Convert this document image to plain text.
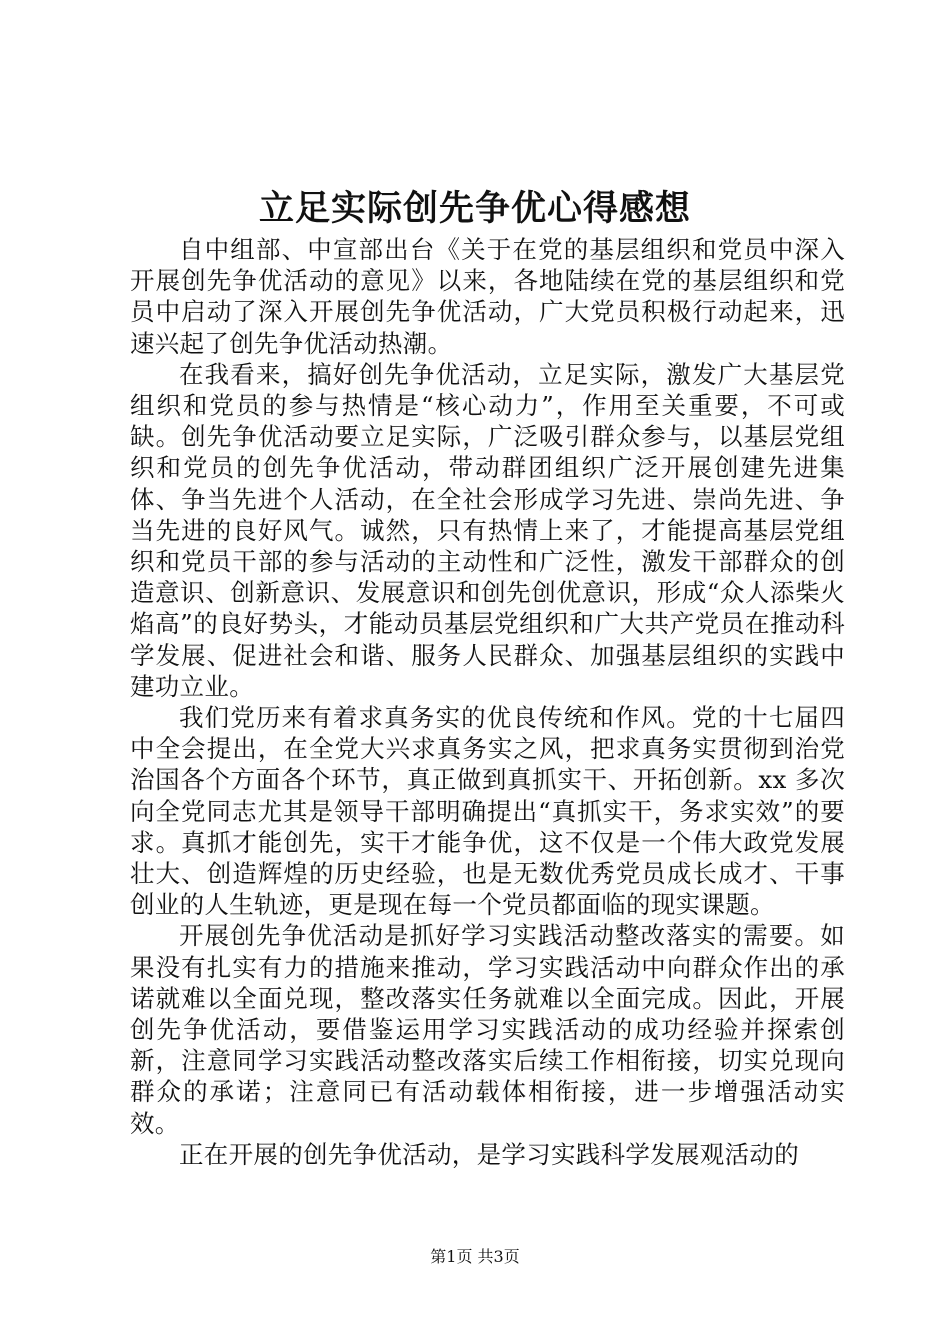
立足实际创先争优心得感想

自中组部、中宣部出台《关于在党的基层组织和党员中深入开展创先争优活动的意见》以来，各地陆续在党的基层组织和党员中启动了深入开展创先争优活动，广大党员积极行动起来，迅速兴起了创先争优活动热潮。

在我看来，搞好创先争优活动，立足实际，激发广大基层党组织和党员的参与热情是“核心动力”，作用至关重要，不可或缺。创先争优活动要立足实际，广泛吸引群众参与，以基层党组织和党员的创先争优活动，带动群团组织广泛开展创建先进集体、争当先进个人活动，在全社会形成学习先进、崇尚先进、争当先进的良好风气。诚然，只有热情上来了，才能提高基层党组织和党员干部的参与活动的主动性和广泛性，激发干部群众的创造意识、创新意识、发展意识和创先创优意识，形成“众人添柴火焰高”的良好势头，才能动员基层党组织和广大共产党员在推动科学发展、促进社会和谐、服务人民群众、加强基层组织的实践中建功立业。

我们党历来有着求真务实的优良传统和作风。党的十七届四中全会提出，在全党大兴求真务实之风，把求真务实贯彻到治党治国各个方面各个环节，真正做到真抓实干、开拓创新。xx 多次向全党同志尤其是领导干部明确提出“真抓实干，务求实效”的要求。真抓才能创先，实干才能争优，这不仅是一个伟大政党发展壮大、创造辉煌的历史经验，也是无数优秀党员成长成才、干事创业的人生轨迹，更是现在每一个党员都面临的现实课题。

开展创先争优活动是抓好学习实践活动整改落实的需要。如果没有扎实有力的措施来推动，学习实践活动中向群众作出的承诺就难以全面兑现，整改落实任务就难以全面完成。因此，开展创先争优活动，要借鉴运用学习实践活动的成功经验并探索创新，注意同学习实践活动整改落实后续工作相衔接，切实兑现向群众的承诺；注意同已有活动载体相衔接，进一步增强活动实效。

正在开展的创先争优活动，是学习实践科学发展观活动的

第1页 共3页
